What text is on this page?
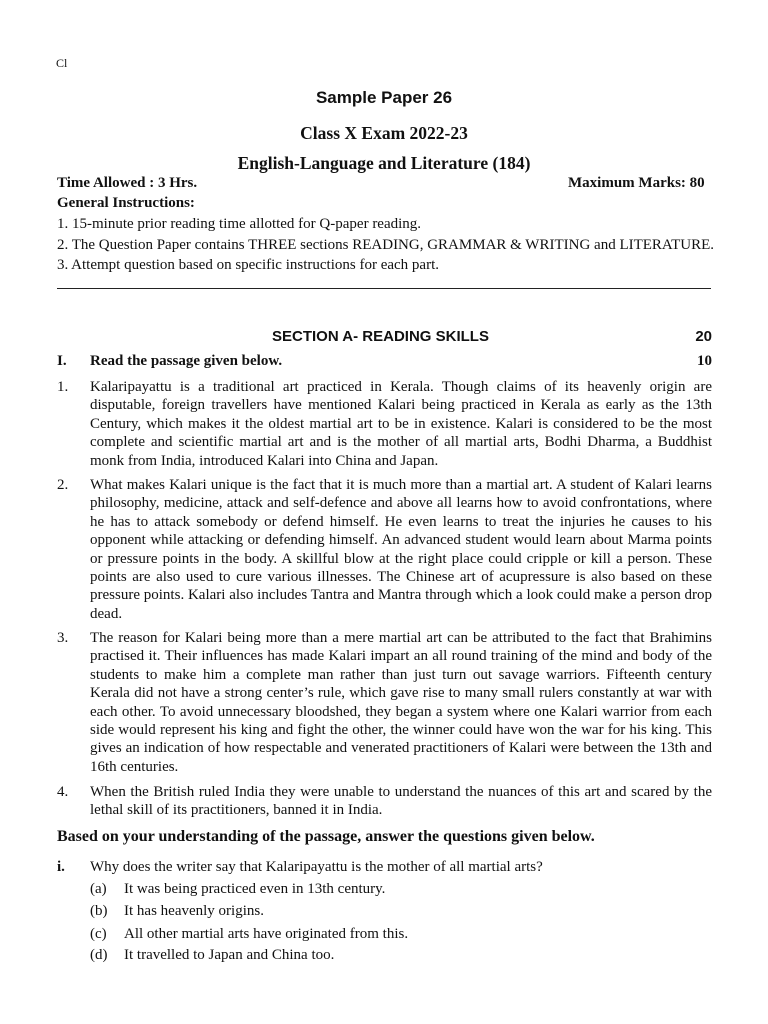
Cl
Sample Paper 26
Class X Exam 2022-23
English-Language and Literature (184)
Time Allowed : 3 Hrs.	Maximum Marks: 80
General Instructions:
1. 15-minute prior reading time allotted for Q-paper reading.
2. The Question Paper contains THREE sections READING, GRAMMAR & WRITING and LITERATURE.
3. Attempt question based on specific instructions for each part.
SECTION A- READING SKILLS	20
I. Read the passage given below.	10
1. Kalaripayattu is a traditional art practiced in Kerala. Though claims of its heavenly origin are disputable, foreign travellers have mentioned Kalari being practiced in Kerala as early as the 13th Century, which makes it the oldest martial art to be in existence. Kalari is considered to be the most complete and scientific martial art and is the mother of all martial arts, Bodhi Dharma, a Buddhist monk from India, introduced Kalari into China and Japan.
2. What makes Kalari unique is the fact that it is much more than a martial art. A student of Kalari learns philosophy, medicine, attack and self-defence and above all learns how to avoid confrontations, where he has to attack somebody or defend himself. He even learns to treat the injuries he causes to his opponent while attacking or defending himself. An advanced student would learn about Marma points or pressure points in the body. A skillful blow at the right place could cripple or kill a person. These points are also used to cure various illnesses. The Chinese art of acupressure is also based on these pressure points. Kalari also includes Tantra and Mantra through which a look could make a person drop dead.
3. The reason for Kalari being more than a mere martial art can be attributed to the fact that Brahimins practised it. Their influences has made Kalari impart an all round training of the mind and body of the students to make him a complete man rather than just turn out savage warriors. Fifteenth century Kerala did not have a strong center’s rule, which gave rise to many small rulers constantly at war with each other. To avoid unnecessary bloodshed, they began a system where one Kalari warrior from each side would represent his king and fight the other, the winner could have won the war for his king. This gives an indication of how respectable and venerated practitioners of Kalari were between the 13th and 16th centuries.
4. When the British ruled India they were unable to understand the nuances of this art and scared by the lethal skill of its practitioners, banned it in India.
Based on your understanding of the passage, answer the questions given below.
i. Why does the writer say that Kalaripayattu is the mother of all martial arts?
(a) It was being practiced even in 13th century.
(b) It has heavenly origins.
(c) All other martial arts have originated from this.
(d) It travelled to Japan and China too.
